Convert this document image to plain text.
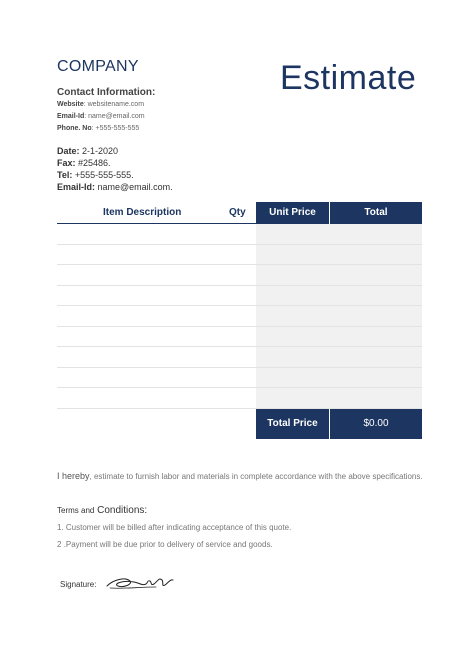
COMPANY	Estimate
Contact Information:
Website: websitename.com
Email-Id: name@email.com
Phone. No: +555-555-555
Date: 2-1-2020
Fax: #25486.
Tel: +555-555-555.
Email-Id: name@email.com.
Item Description	Qty	Unit Price	Total
Total Price	$0.00
I hereby, estimate to furnish labor and materials in complete accordance with the above specifications.
Terms and Conditions:
1. Customer will be billed after indicating acceptance of this quote.
2 .Payment will be due prior to delivery of service and goods.
Signature:
